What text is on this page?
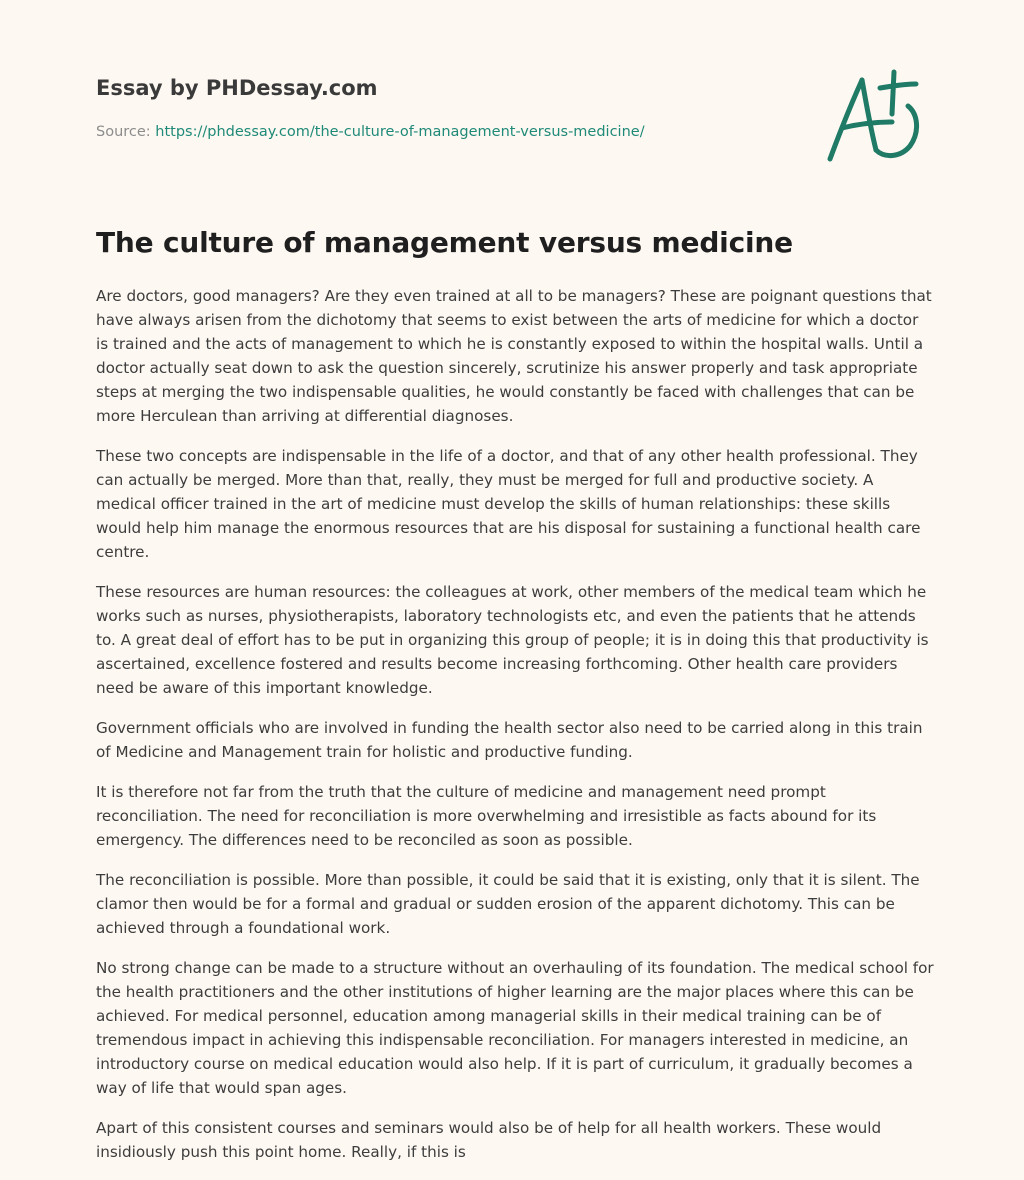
Essay by PHDessay.com
Source: https://phdessay.com/the-culture-of-management-versus-medicine/
The culture of management versus medicine

Are doctors, good managers? Are they even trained at all to be managers? These are poignant questions that have always arisen from the dichotomy that seems to exist between the arts of medicine for which a doctor is trained and the acts of management to which he is constantly exposed to within the hospital walls. Until a doctor actually seat down to ask the question sincerely, scrutinize his answer properly and task appropriate steps at merging the two indispensable qualities, he would constantly be faced with challenges that can be more Herculean than arriving at differential diagnoses.

These two concepts are indispensable in the life of a doctor, and that of any other health professional. They can actually be merged. More than that, really, they must be merged for full and productive society. A medical officer trained in the art of medicine must develop the skills of human relationships: these skills would help him manage the enormous resources that are his disposal for sustaining a functional health care centre.

These resources are human resources: the colleagues at work, other members of the medical team which he works such as nurses, physiotherapists, laboratory technologists etc, and even the patients that he attends to. A great deal of effort has to be put in organizing this group of people; it is in doing this that productivity is ascertained, excellence fostered and results become increasing forthcoming. Other health care providers need be aware of this important knowledge.

Government officials who are involved in funding the health sector also need to be carried along in this train of Medicine and Management train for holistic and productive funding.

It is therefore not far from the truth that the culture of medicine and management need prompt reconciliation. The need for reconciliation is more overwhelming and irresistible as facts abound for its emergency. The differences need to be reconciled as soon as possible.

The reconciliation is possible. More than possible, it could be said that it is existing, only that it is silent. The clamor then would be for a formal and gradual or sudden erosion of the apparent dichotomy. This can be achieved through a foundational work.

No strong change can be made to a structure without an overhauling of its foundation. The medical school for the health practitioners and the other institutions of higher learning are the major places where this can be achieved. For medical personnel, education among managerial skills in their medical training can be of tremendous impact in achieving this indispensable reconciliation. For managers interested in medicine, an introductory course on medical education would also help. If it is part of curriculum, it gradually becomes a way of life that would span ages.

Apart of this consistent courses and seminars would also be of help for all health workers. These would insidiously push this point home. Really, if this is
